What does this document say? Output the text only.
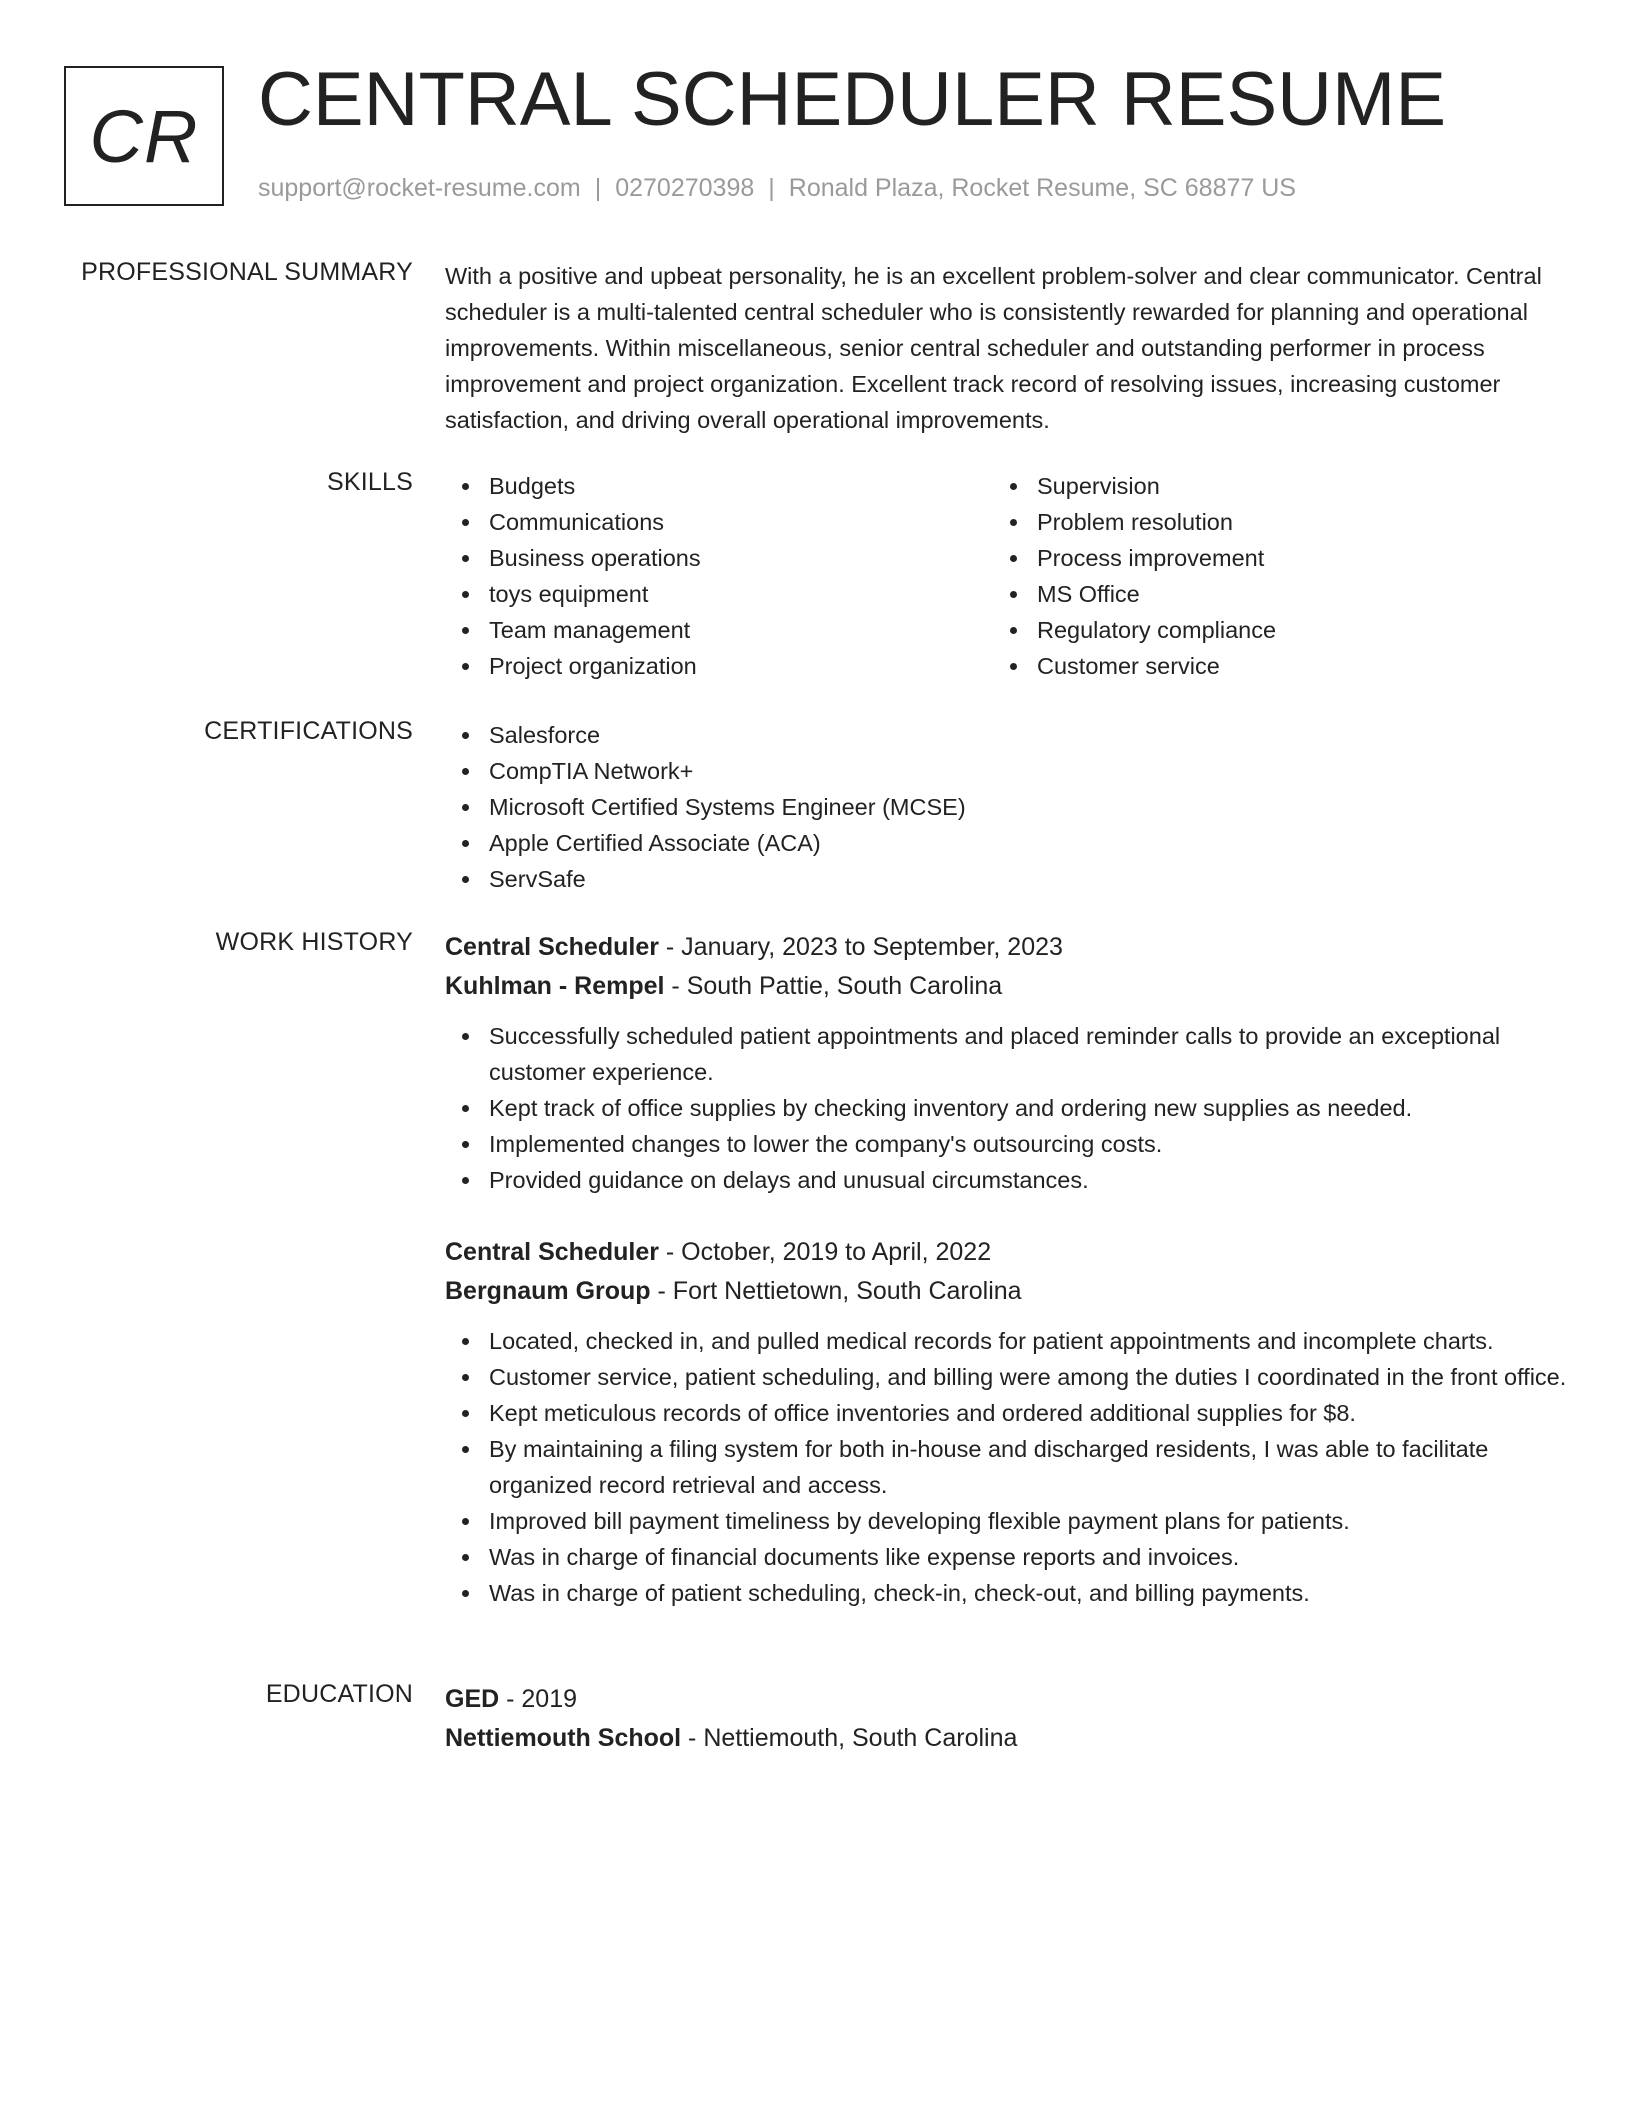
CR CENTRAL SCHEDULER RESUME
support@rocket-resume.com | 0270270398 | Ronald Plaza, Rocket Resume, SC 68877 US
PROFESSIONAL SUMMARY With a positive and upbeat personality, he is an excellent problem-solver and clear communicator. Central scheduler is a multi-talented central scheduler who is consistently rewarded for planning and operational improvements. Within miscellaneous, senior central scheduler and outstanding performer in process improvement and project organization. Excellent track record of resolving issues, increasing customer satisfaction, and driving overall operational improvements.
SKILLS	Budgets
Communications
Business operations
toys equipment
Team management
Project organization
Supervision
Problem resolution
Process improvement
MS Office
Regulatory compliance
Customer service
CERTIFICATIONS	Salesforce
CompTIA Network+
Microsoft Certified Systems Engineer (MCSE)
Apple Certified Associate (ACA)
ServSafe
WORK HISTORY Central Scheduler - January, 2023 to September, 2023
Kuhlman - Rempel - South Pattie, South Carolina
Successfully scheduled patient appointments and placed reminder calls to provide an exceptional customer experience.
Kept track of office supplies by checking inventory and ordering new supplies as needed.
Implemented changes to lower the company's outsourcing costs.
Provided guidance on delays and unusual circumstances.
Central Scheduler - October, 2019 to April, 2022
Bergnaum Group - Fort Nettietown, South Carolina
Located, checked in, and pulled medical records for patient appointments and incomplete charts.
Customer service, patient scheduling, and billing were among the duties I coordinated in the front office.
Kept meticulous records of office inventories and ordered additional supplies for $8.
By maintaining a filing system for both in-house and discharged residents, I was able to facilitate organized record retrieval and access.
Improved bill payment timeliness by developing flexible payment plans for patients.
Was in charge of financial documents like expense reports and invoices.
Was in charge of patient scheduling, check-in, check-out, and billing payments.
EDUCATION GED - 2019
Nettiemouth School - Nettiemouth, South Carolina
